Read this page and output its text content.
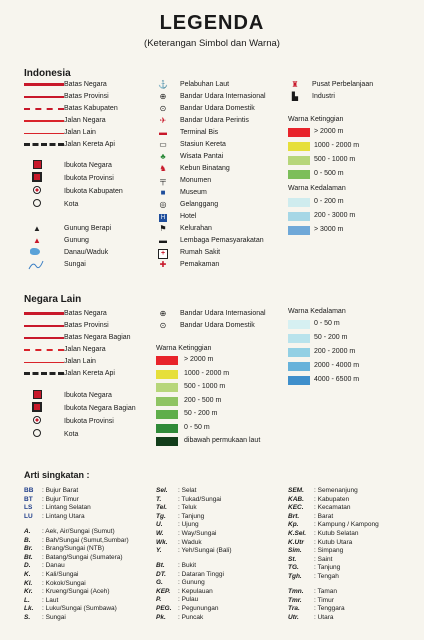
LEGENDA
(Keterangan Simbol dan Warna)
Indonesia
Batas Negara
Batas Provinsi
Batas Kabupaten
Jalan Negara
Jalan Lain
Jalan Kereta Api
Ibukota Negara
Ibukota Provinsi
Ibukota Kabupaten
Kota
▲	Gunung Berapi
▲	Gunung
Danau/Waduk
Sungai
⚓ Pelabuhan Laut
⊕	Bandar Udara Internasional
⊙	Bandar Udara Domestik
✈	Bandar Udara Perintis
▬	Terminal Bis
▭	Stasiun Kereta
♣	Wisata Pantai
♞	Kebun Binatang
╤	Monumen
■	Museum
◎	Gelanggang
H	Hotel
⚑	Kelurahan
▬	Lembaga Pemasyarakatan
+	Rumah Sakit
✚	Pemakaman
♜	Pusat Perbelanjaan
▙	Industri
Warna Ketinggian
> 2000 m
1000 - 2000 m
500 - 1000 m
0 - 500 m
Warna Kedalaman
0 - 200 m
200 - 3000 m
> 3000 m
Negara Lain
Batas Negara
Batas Provinsi
Batas Negara Bagian
Jalan Negara
Jalan Lain
Jalan Kereta Api
Ibukota Negara
Ibukota Negara Bagian
Ibukota Provinsi
Kota
⊕	Bandar Udara Internasional
⊙	Bandar Udara Domestik
Warna Ketinggian
> 2000 m
1000 - 2000 m
500 - 1000 m
200 - 500 m
50 - 200 m
0 - 50 m
dibawah permukaan laut
Warna Kedalaman
0 - 50 m
50 - 200 m
200 - 2000 m
2000 - 4000 m
4000 - 6500 m
Arti singkatan :
BB : Bujur Barat
BT : Bujur Timur
LS : Lintang Selatan
LU : Lintang Utara
A. : Aek, Air/Sungai (Sumut)
B. : Bah/Sungai (Sumut,Sumbar)
Br. : Brang/Sungai (NTB)
Bt. : Batang/Sungai (Sumatera)
D. : Danau
K. : Kali/Sungai
Kl. : Kokok/Sungai
Kr. : Krueng/Sungai (Aceh)
L. : Laut
Lk. : Luku/Sungai (Sumbawa)
S. : Sungai
Sel. : Selat
T.	: Tukad/Sungai
Tel. : Teluk
Tg. : Tanjung
U. : Ujung
W. : Way/Sungai
Wk. : Waduk
Y.	: Yeh/Sungai (Bali)
Bt. : Bukit
DT. : Dataran Tinggi
G. : Gunung
KEP. : Kepulauan
P.	: Pulau
PEG. : Pegunungan
Pk. : Puncak
SEM. : Semenanjung
KAB. : Kabupaten
KEC. : Kecamatan
Brt. : Barat
Kp. : Kampung / Kampong
K.Sel. : Kutub Selatan
K.Utr : Kutub Utara
Sim. : Simpang
St.	: Saint
TG. : Tanjung
Tgh. : Tengah
Tmn. : Taman
Tmr. : Timur
Tra. : Tenggara
Utr. : Utara
